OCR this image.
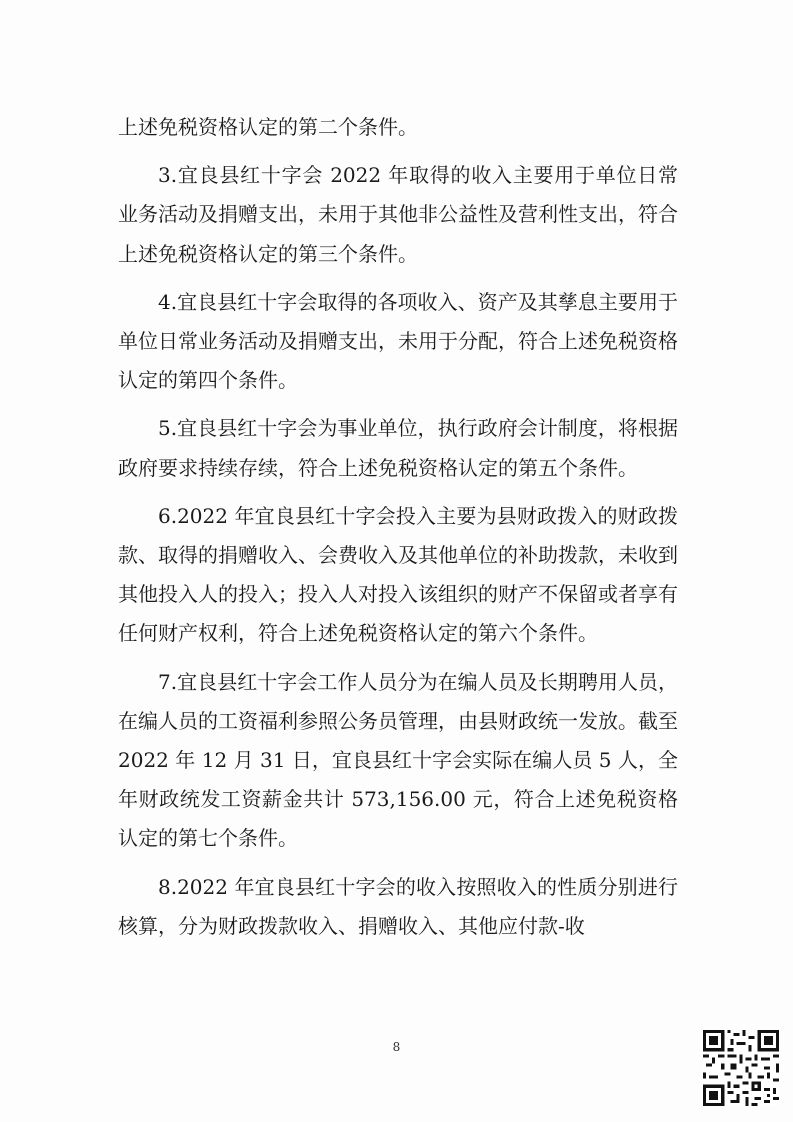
上述免税资格认定的第二个条件。

3.宜良县红十字会 2022 年取得的收入主要用于单位日常业务活动及捐赠支出，未用于其他非公益性及营利性支出，符合上述免税资格认定的第三个条件。

4.宜良县红十字会取得的各项收入、资产及其孳息主要用于单位日常业务活动及捐赠支出，未用于分配，符合上述免税资格认定的第四个条件。

5.宜良县红十字会为事业单位，执行政府会计制度，将根据政府要求持续存续，符合上述免税资格认定的第五个条件。

6.2022 年宜良县红十字会投入主要为县财政拨入的财政拨款、取得的捐赠收入、会费收入及其他单位的补助拨款，未收到其他投入人的投入；投入人对投入该组织的财产不保留或者享有任何财产权利，符合上述免税资格认定的第六个条件。

7.宜良县红十字会工作人员分为在编人员及长期聘用人员，在编人员的工资福利参照公务员管理，由县财政统一发放。截至 2022 年 12 月 31 日，宜良县红十字会实际在编人员 5 人，全年财政统发工资薪金共计 573,156.00 元，符合上述免税资格认定的第七个条件。

8.2022 年宜良县红十字会的收入按照收入的性质分别进行核算，分为财政拨款收入、捐赠收入、其他应付款-收

8
